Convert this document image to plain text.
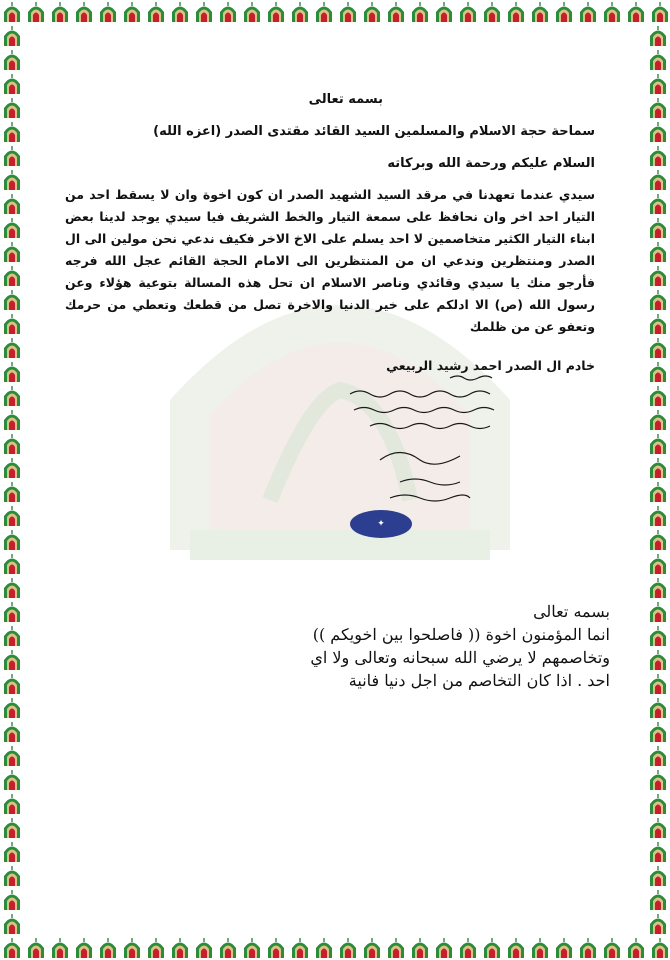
بسمه تعالى
سماحة حجة الاسلام والمسلمين السيد القائد مقتدى الصدر (اعزه الله)
السلام عليكم ورحمة الله وبركاته
سيدي عندما تعهدنا في مرقد السيد الشهيد الصدر ان كون اخوة وان لا يسقط احد من التيار احد اخر وان نحافظ على سمعة التيار والخط الشريف فيا سيدي يوجد لدينا بعض ابناء التيار الكثير متخاصمين لا احد يسلم على الاخ الاخر فكيف ندعي نحن مولين الى ال الصدر ومنتظرين وندعي ان من المنتظرين الى الامام الحجة القائم عجل الله فرجه فأرجو منك يا سيدي وقائدي وناصر الاسلام ان تحل هذه المسالة بتوعية هؤلاء وعن رسول الله (ص) الا ادلكم على خير الدنيا والاخرة تصل من قطعك وتعطي من حرمك وتعفو عن من ظلمك
خادم ال الصدر احمد رشيد الربيعي
✦
بسمه تعالى
انما المؤمنون اخوة (( فاصلحوا بين اخويكم ))
وتخاصمهم لا يرضي الله سبحانه وتعالى ولا اي
احد . اذا كان التخاصم من اجل دنيا فانية
